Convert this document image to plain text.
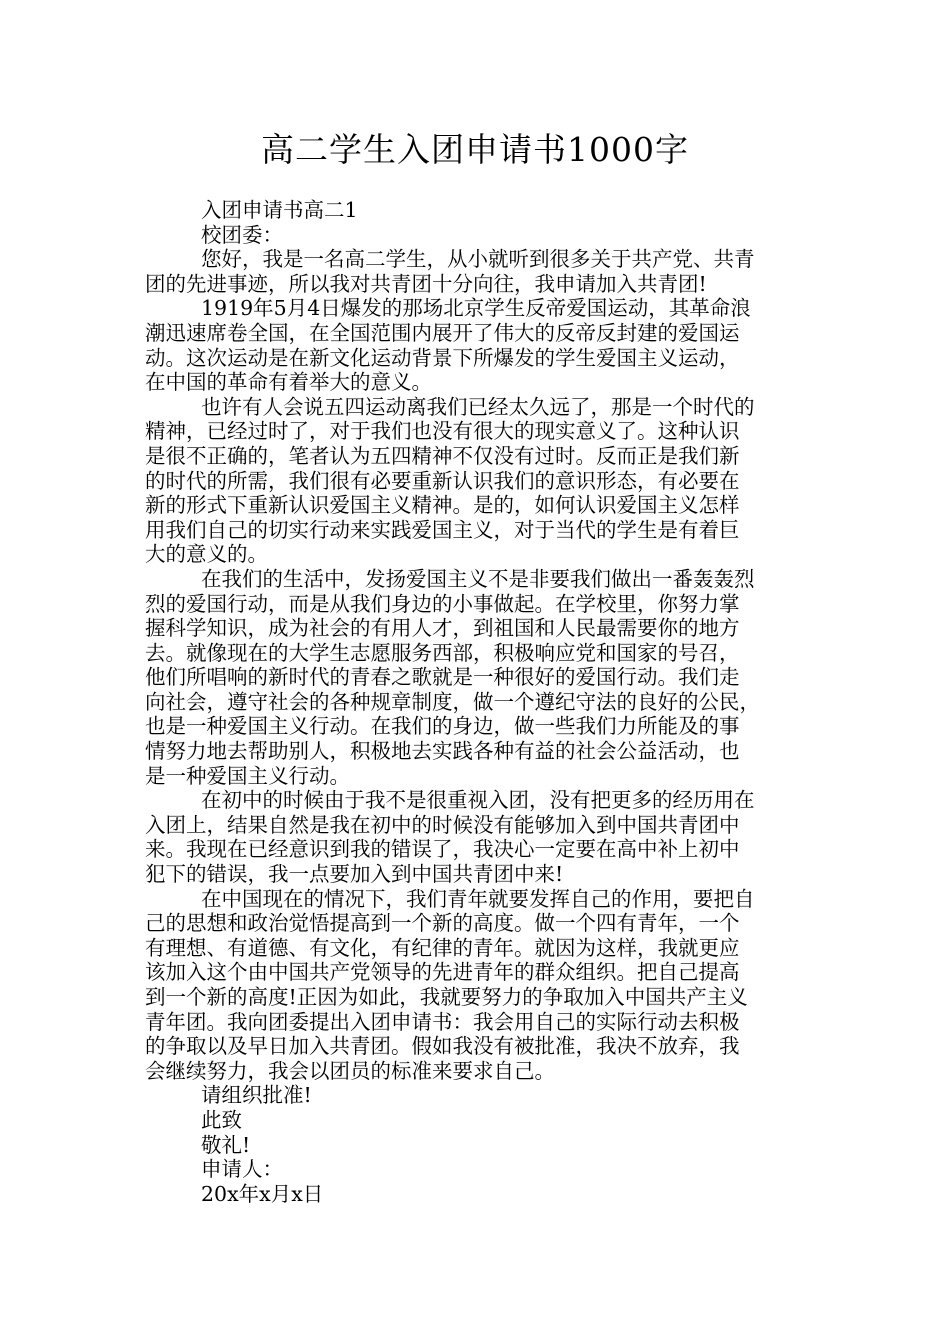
高二学生入团申请书1000字
入团申请书高二1
校团委：
您好，我是一名高二学生，从小就听到很多关于共产党、共青
团的先进事迹，所以我对共青团十分向往，我申请加入共青团!
1919年5月4日爆发的那场北京学生反帝爱国运动，其革命浪
潮迅速席卷全国，在全国范围内展开了伟大的反帝反封建的爱国运
动。这次运动是在新文化运动背景下所爆发的学生爱国主义运动，
在中国的革命有着举大的意义。
也许有人会说五四运动离我们已经太久远了，那是一个时代的
精神，已经过时了，对于我们也没有很大的现实意义了。这种认识
是很不正确的，笔者认为五四精神不仅没有过时。反而正是我们新
的时代的所需，我们很有必要重新认识我们的意识形态，有必要在
新的形式下重新认识爱国主义精神。是的，如何认识爱国主义怎样
用我们自己的切实行动来实践爱国主义，对于当代的学生是有着巨
大的意义的。
在我们的生活中，发扬爱国主义不是非要我们做出一番轰轰烈
烈的爱国行动，而是从我们身边的小事做起。在学校里，你努力掌
握科学知识，成为社会的有用人才，到祖国和人民最需要你的地方
去。就像现在的大学生志愿服务西部，积极响应党和国家的号召，
他们所唱响的新时代的青春之歌就是一种很好的爱国行动。我们走
向社会，遵守社会的各种规章制度，做一个遵纪守法的良好的公民，
也是一种爱国主义行动。在我们的身边，做一些我们力所能及的事
情努力地去帮助别人，积极地去实践各种有益的社会公益活动，也
是一种爱国主义行动。
在初中的时候由于我不是很重视入团，没有把更多的经历用在
入团上，结果自然是我在初中的时候没有能够加入到中国共青团中
来。我现在已经意识到我的错误了，我决心一定要在高中补上初中
犯下的错误，我一点要加入到中国共青团中来!
在中国现在的情况下，我们青年就要发挥自己的作用，要把自
己的思想和政治觉悟提高到一个新的高度。做一个四有青年，一个
有理想、有道德、有文化，有纪律的青年。就因为这样，我就更应
该加入这个由中国共产党领导的先进青年的群众组织。把自己提高
到一个新的高度!正因为如此，我就要努力的争取加入中国共产主义
青年团。我向团委提出入团申请书：我会用自己的实际行动去积极
的争取以及早日加入共青团。假如我没有被批准，我决不放弃，我
会继续努力，我会以团员的标准来要求自己。
请组织批准!
此致
敬礼!
申请人：
20x年x月x日
